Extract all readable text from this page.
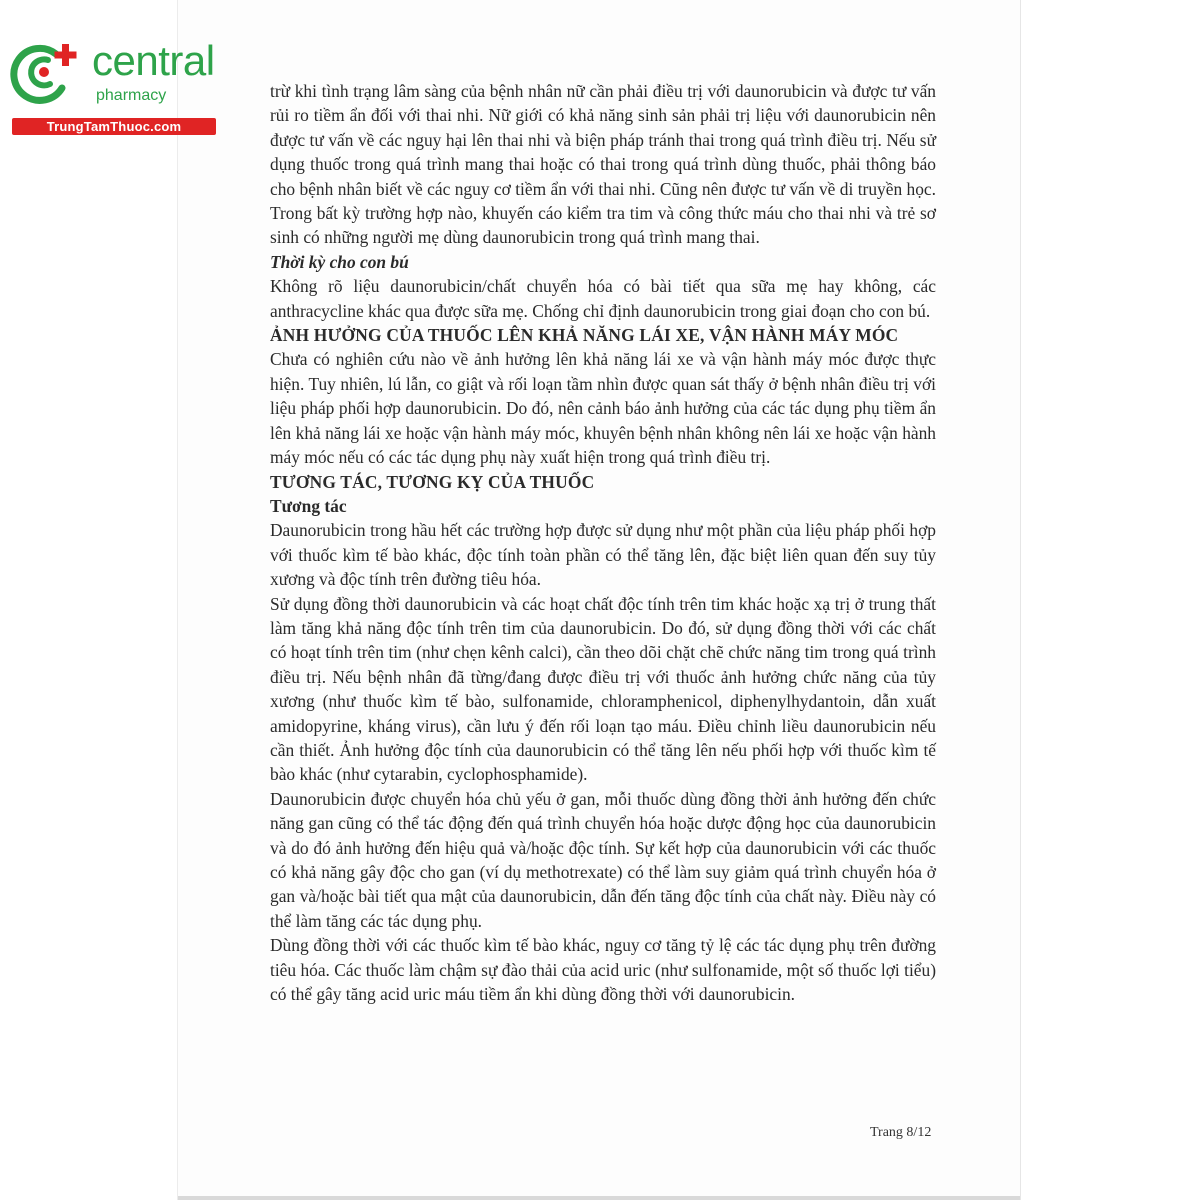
central
pharmacy
TrungTamThuoc.com

trừ khi tình trạng lâm sàng của bệnh nhân nữ cần phải điều trị với daunorubicin và được tư vấn rủi ro tiềm ẩn đối với thai nhi. Nữ giới có khả năng sinh sản phải trị liệu với daunorubicin nên được tư vấn về các nguy hại lên thai nhi và biện pháp tránh thai trong quá trình điều trị. Nếu sử dụng thuốc trong quá trình mang thai hoặc có thai trong quá trình dùng thuốc, phải thông báo cho bệnh nhân biết về các nguy cơ tiềm ẩn với thai nhi. Cũng nên được tư vấn về di truyền học. Trong bất kỳ trường hợp nào, khuyến cáo kiểm tra tim và công thức máu cho thai nhi và trẻ sơ sinh có những người mẹ dùng daunorubicin trong quá trình mang thai.

Thời kỳ cho con bú

Không rõ liệu daunorubicin/chất chuyển hóa có bài tiết qua sữa mẹ hay không, các anthracycline khác qua được sữa mẹ. Chống chỉ định daunorubicin trong giai đoạn cho con bú.

ẢNH HƯỞNG CỦA THUỐC LÊN KHẢ NĂNG LÁI XE, VẬN HÀNH MÁY MÓC

Chưa có nghiên cứu nào về ảnh hưởng lên khả năng lái xe và vận hành máy móc được thực hiện. Tuy nhiên, lú lẫn, co giật và rối loạn tầm nhìn được quan sát thấy ở bệnh nhân điều trị với liệu pháp phối hợp daunorubicin. Do đó, nên cảnh báo ảnh hưởng của các tác dụng phụ tiềm ẩn lên khả năng lái xe hoặc vận hành máy móc, khuyên bệnh nhân không nên lái xe hoặc vận hành máy móc nếu có các tác dụng phụ này xuất hiện trong quá trình điều trị.

TƯƠNG TÁC, TƯƠNG KỴ CỦA THUỐC

Tương tác

Daunorubicin trong hầu hết các trường hợp được sử dụng như một phần của liệu pháp phối hợp với thuốc kìm tế bào khác, độc tính toàn phần có thể tăng lên, đặc biệt liên quan đến suy tủy xương và độc tính trên đường tiêu hóa.

Sử dụng đồng thời daunorubicin và các hoạt chất độc tính trên tim khác hoặc xạ trị ở trung thất làm tăng khả năng độc tính trên tim của daunorubicin. Do đó, sử dụng đồng thời với các chất có hoạt tính trên tim (như chẹn kênh calci), cần theo dõi chặt chẽ chức năng tim trong quá trình điều trị. Nếu bệnh nhân đã từng/đang được điều trị với thuốc ảnh hưởng chức năng của tủy xương (như thuốc kìm tế bào, sulfonamide, chloramphenicol, diphenylhydantoin, dẫn xuất amidopyrine, kháng virus), cần lưu ý đến rối loạn tạo máu. Điều chỉnh liều daunorubicin nếu cần thiết. Ảnh hưởng độc tính của daunorubicin có thể tăng lên nếu phối hợp với thuốc kìm tế bào khác (như cytarabin, cyclophosphamide).

Daunorubicin được chuyển hóa chủ yếu ở gan, mỗi thuốc dùng đồng thời ảnh hưởng đến chức năng gan cũng có thể tác động đến quá trình chuyển hóa hoặc dược động học của daunorubicin và do đó ảnh hưởng đến hiệu quả và/hoặc độc tính. Sự kết hợp của daunorubicin với các thuốc có khả năng gây độc cho gan (ví dụ methotrexate) có thể làm suy giảm quá trình chuyển hóa ở gan và/hoặc bài tiết qua mật của daunorubicin, dẫn đến tăng độc tính của chất này. Điều này có thể làm tăng các tác dụng phụ.

Dùng đồng thời với các thuốc kìm tế bào khác, nguy cơ tăng tỷ lệ các tác dụng phụ trên đường tiêu hóa. Các thuốc làm chậm sự đào thải của acid uric (như sulfonamide, một số thuốc lợi tiểu) có thể gây tăng acid uric máu tiềm ẩn khi dùng đồng thời với daunorubicin.

Trang 8/12
